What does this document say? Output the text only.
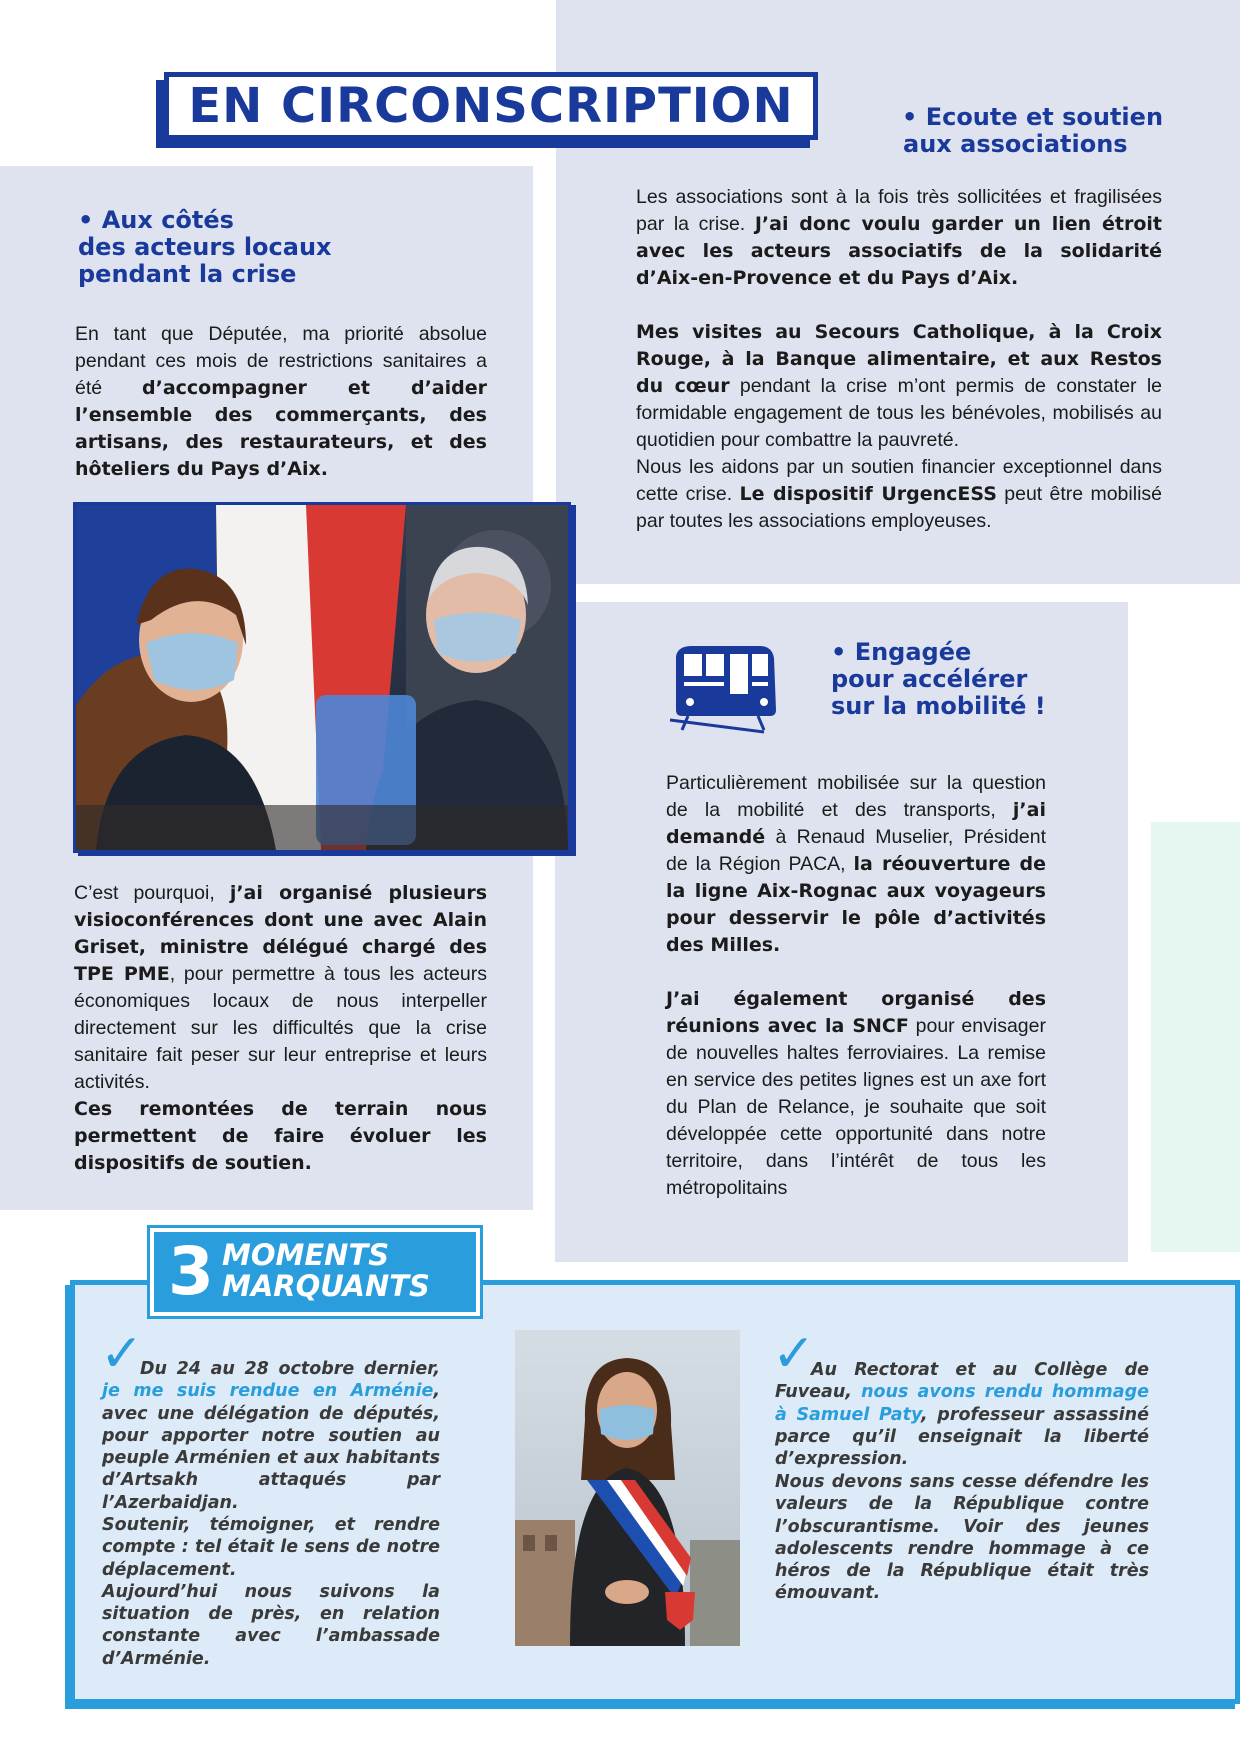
EN CIRCONSCRIPTION	• Ecoute et soutien
aux associations

Les associations sont à la fois très sollicitées et fragilisées par la crise. J’ai donc voulu garder un lien étroit avec les acteurs associatifs de la solidarité d’Aix-en-Provence et du Pays d’Aix.

Mes visites au Secours Catholique, à la Croix Rouge, à la Banque alimentaire, et aux Restos du cœur pendant la crise m’ont permis de constater le formidable engagement de tous les bénévoles, mobilisés au quotidien pour combattre la pauvreté.

Nous les aidons par un soutien financier exceptionnel dans cette crise. Le dispositif UrgencESS peut être mobilisé par toutes les associations employeuses.

• Aux côtés
des acteurs locaux
pendant la crise

En tant que Députée, ma priorité absolue pendant ces mois de restrictions sanitaires a été d’accompagner et d’aider l’ensemble des commerçants, des artisans, des restaurateurs, et des hôteliers du Pays d’Aix.

C’est pourquoi, j’ai organisé plusieurs visioconférences dont une avec Alain Griset, ministre délégué chargé des TPE PME, pour permettre à tous les acteurs économiques locaux de nous interpeller directement sur les difficultés que la crise sanitaire fait peser sur leur entreprise et leurs activités.

Ces remontées de terrain nous permettent de faire évoluer les dispositifs de soutien.

• Engagée
pour accélérer
sur la mobilité !

Particulièrement mobilisée sur la question de la mobilité et des transports, j’ai demandé à Renaud Muselier, Président de la Région PACA, la réouverture de la ligne Aix-Rognac aux voyageurs pour desservir le pôle d’activités des Milles.

J’ai également organisé des réunions avec la SNCF pour envisager de nouvelles haltes ferroviaires. La remise en service des petites lignes est un axe fort du Plan de Relance, je souhaite que soit développée cette opportunité dans notre territoire, dans l’intérêt de tous les métropolitains

3 MOMENTS
MARQUANTS
✓
Du 24 au 28 octobre dernier, je me suis rendue en Arménie, avec une délégation de députés, pour apporter notre soutien au peuple Arménien et aux habitants d’Artsakh attaqués par l’Azerbaidjan.
Soutenir, témoigner, et rendre compte : tel était le sens de notre déplacement.
Aujourd’hui nous suivons la situation de près, en relation constante avec l’ambassade d’Arménie.
✓
Au Rectorat et au Collège de Fuveau, nous avons rendu hommage à Samuel Paty, professeur assassiné parce qu’il enseignait la liberté d’expression.
Nous devons sans cesse défendre les valeurs de la République contre l’obscurantisme. Voir des jeunes adolescents rendre hommage à ce héros de la République était très émouvant.
